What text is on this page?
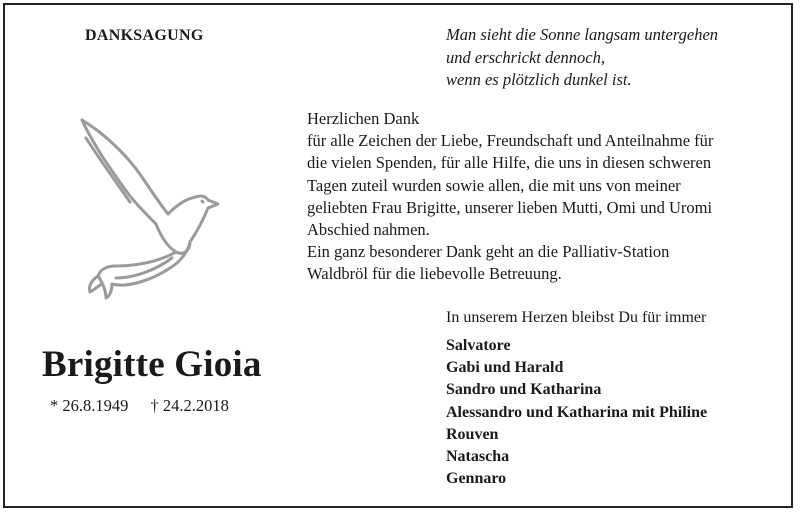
DANKSAGUNG	Man sieht die Sonne langsam untergehen
und erschrickt dennoch,
wenn es plötzlich dunkel ist.
Herzlichen Dank
für alle Zeichen der Liebe, Freundschaft und Anteilnahme für
die vielen Spenden, für alle Hilfe, die uns in diesen schweren
Tagen zuteil wurden sowie allen, die mit uns von meiner
geliebten Frau Brigitte, unserer lieben Mutti, Omi und Uromi
Abschied nahmen.
Ein ganz besonderer Dank geht an die Palliativ-Station
Waldbröl für die liebevolle Betreuung.
Brigitte Gioia
* 26.8.1949 † 24.2.2018
In unserem Herzen bleibst Du für immer
Salvatore
Gabi und Harald
Sandro und Katharina
Alessandro und Katharina mit Philine
Rouven
Natascha
Gennaro
